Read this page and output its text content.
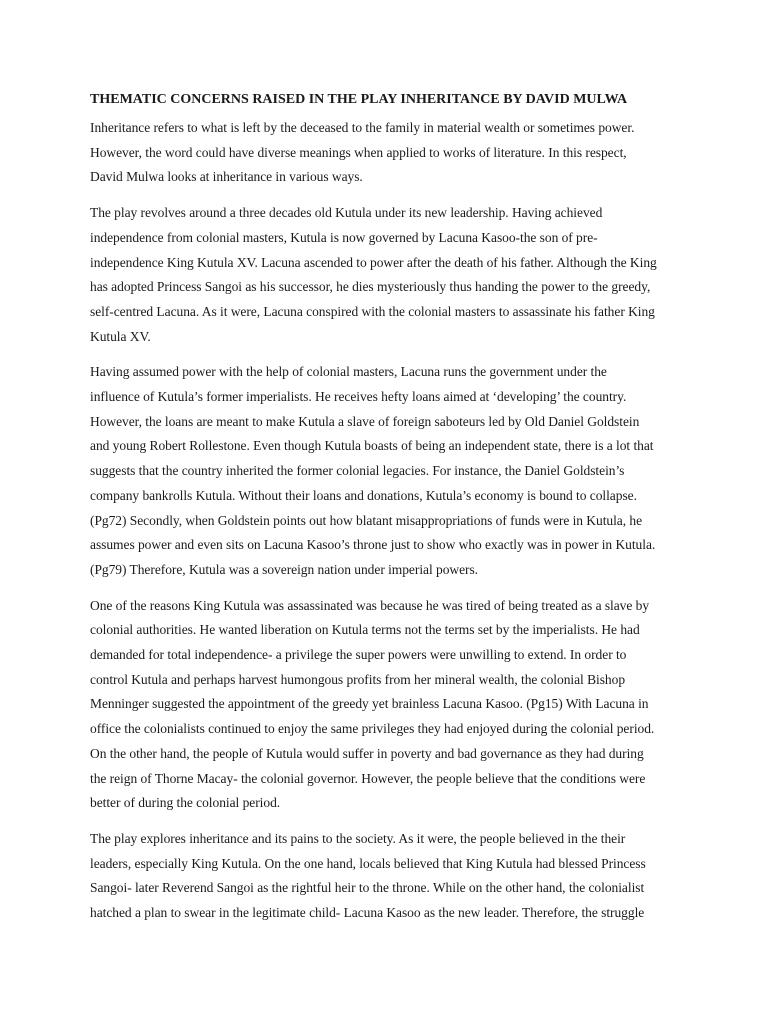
THEMATIC CONCERNS RAISED IN THE PLAY INHERITANCE BY DAVID MULWA
Inheritance refers to what is left by the deceased to the family in material wealth or sometimes power.
However, the word could have diverse meanings when applied to works of literature. In this respect,
David Mulwa looks at inheritance in various ways.
The play revolves around a three decades old Kutula under its new leadership. Having achieved
independence from colonial masters, Kutula is now governed by Lacuna Kasoo-the son of pre-
independence King Kutula XV. Lacuna ascended to power after the death of his father. Although the King
has adopted Princess Sangoi as his successor, he dies mysteriously thus handing the power to the greedy,
self-centred Lacuna. As it were, Lacuna conspired with the colonial masters to assassinate his father King
Kutula XV.
Having assumed power with the help of colonial masters, Lacuna runs the government under the
influence of Kutula’s former imperialists. He receives hefty loans aimed at ‘developing’ the country.
However, the loans are meant to make Kutula a slave of foreign saboteurs led by Old Daniel Goldstein
and young Robert Rollestone. Even though Kutula boasts of being an independent state, there is a lot that
suggests that the country inherited the former colonial legacies. For instance, the Daniel Goldstein’s
company bankrolls Kutula. Without their loans and donations, Kutula’s economy is bound to collapse.
(Pg72) Secondly, when Goldstein points out how blatant misappropriations of funds were in Kutula, he
assumes power and even sits on Lacuna Kasoo’s throne just to show who exactly was in power in Kutula.
(Pg79) Therefore, Kutula was a sovereign nation under imperial powers.
One of the reasons King Kutula was assassinated was because he was tired of being treated as a slave by
colonial authorities. He wanted liberation on Kutula terms not the terms set by the imperialists. He had
demanded for total independence- a privilege the super powers were unwilling to extend. In order to
control Kutula and perhaps harvest humongous profits from her mineral wealth, the colonial Bishop
Menninger suggested the appointment of the greedy yet brainless Lacuna Kasoo. (Pg15) With Lacuna in
office the colonialists continued to enjoy the same privileges they had enjoyed during the colonial period.
On the other hand, the people of Kutula would suffer in poverty and bad governance as they had during
the reign of Thorne Macay- the colonial governor. However, the people believe that the conditions were
better of during the colonial period.
The play explores inheritance and its pains to the society. As it were, the people believed in the their
leaders, especially King Kutula. On the one hand, locals believed that King Kutula had blessed Princess
Sangoi- later Reverend Sangoi as the rightful heir to the throne. While on the other hand, the colonialist
hatched a plan to swear in the legitimate child- Lacuna Kasoo as the new leader. Therefore, the struggle
